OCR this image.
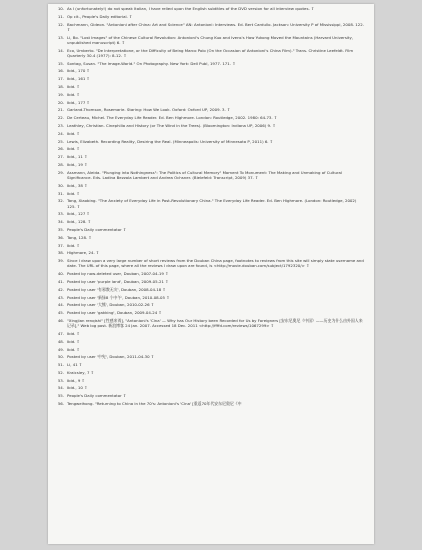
10. As I (unfortunately!) do not speak Italian, I have relied upon the English subtitles of the DVD version for all interview quotes. ⇧
11. Op cit., People's Daily editorial. ⇧
12. Bachmann, Gideon. "Antonioni after China: Art and Science" AN: Antonioni: Interviews. Ed. Bert Cardullo. Jackson: University P of Mississippi, 2008. 122. ⇧
13. Li, Bo. "Lost Images" of the Chinese Cultural Revolution: Antonioni's Chung Kuo and Ivens's How Yukong Moved the Mountains (Harvard University, unpublished manuscript) 6. ⇧
14. Eco, Umberto. "De Interpretatione, or the Difficulty of Being Marco Polo (On the Occasion of Antonioni's China Film)." Trans. Christine Leefeldt. Film Quarterly 30.4 (1977): 8-12. ⇧
15. Sontag, Susan. "The Image-World." On Photography. New York: Dell Publ, 1977. 171. ⇧
16. Ibid., 170 ⇧
17. Ibid., 161 ⇧
18. Ibid. ⇧
19. Ibid. ⇧
20. Ibid., 177 ⇧
21. Garland-Thomson, Rosemarie. Staring: How We Look. Oxford: Oxford UP, 2009. 3. ⇧
22. De Certeau, Michel. The Everyday Life Reader. Ed. Ben Highmore. London: Routledge, 2002. 1980: 64-73. ⇧
23. Leathley, Christian. Cinephilia and History (or The Wind in the Trees). (Bloomington: Indiana UP, 2006) 9. ⇧
24. Ibid. ⇧
25. Lewis, Elizabeth. Recording Reality, Desiring the Real. (Minneapolis: University of Minnesota P, 2011) 6. ⇧
26. Ibid. ⇧
27. Ibid., 11 ⇧
28. Ibid., 19 ⇧
29. Assmann, Aleida. "Plunging into Nothingness": The Politics of Cultural Memory" Moment To Monument: The Making and Unmaking of Cultural Significance. Eds. Ladina Bezzola Lambert and Andrea Ochsner. (Bielefeld: Transcript, 2009) 37. ⇧
30. Ibid., 38 ⇧
31. Ibid. ⇧
32. Tang, Xiaobing. "The Anxiety of Everyday Life in Post-Revolutionary China." The Everyday Life Reader. Ed. Ben Highmore. (London: Routledge, 2002) 125. ⇧
33. Ibid., 127 ⇧
34. Ibid., 128. ⇧
35. People's Daily commentator ⇧
36. Tang, 128. ⇧
37. Ibid. ⇧
38. Highmore, 24. ⇧
39. Since I draw upon a very large number of short reviews from the Douban China page, footnotes to reviews from this site will simply state username and date. The URL of this page, where all the reviews I draw upon are found, is <http://movie.douban.com/subject/1792320/> ⇧
40. Posted by now-deleted user, Douban, 2007-04-19 ⇧
41. Posted by user 'purple land', Douban, 2009-05-21 ⇧
42. Posted by user '有邪教无灾', Douban, 2008-04-18 ⇧
43. Posted by user '新绿8 个中午', Douban, 2010-08-05 ⇧
44. Posted by user '大熊', Douban, 2010-02-26 ⇧
45. Posted by user 'gakking', Douban, 2009-04-24 ⇧
46. "Xingjian renqishi" [性感来诱], "Antonioni's 'Cina' — Why has Our History been Recorded for Us by Foreigners [安东尼奥尼《中国》——历史为什么由外国人来记录]," Web log post. 新浪博客 24 Jan. 2007. Accessed 18 Dec. 2011 <http://ffffd.com/reviews/1067299> ⇧
47. Ibid. ⇧
48. Ibid. ⇧
49. Ibid. ⇧
50. Posted by user '中宪', Douban, 2011-04-30 ⇧
51. Li, 41 ⇧
52. Kraicsley, 7 ⇧
53. Ibid., 9 ⇧
54. Ibid., 10 ⇧
55. People's Daily commentator ⇧
56. Tengweihong. "Returning to China in the 70's: Antonioni's 'Cina' [重返70年代安东尼奥尼《中
